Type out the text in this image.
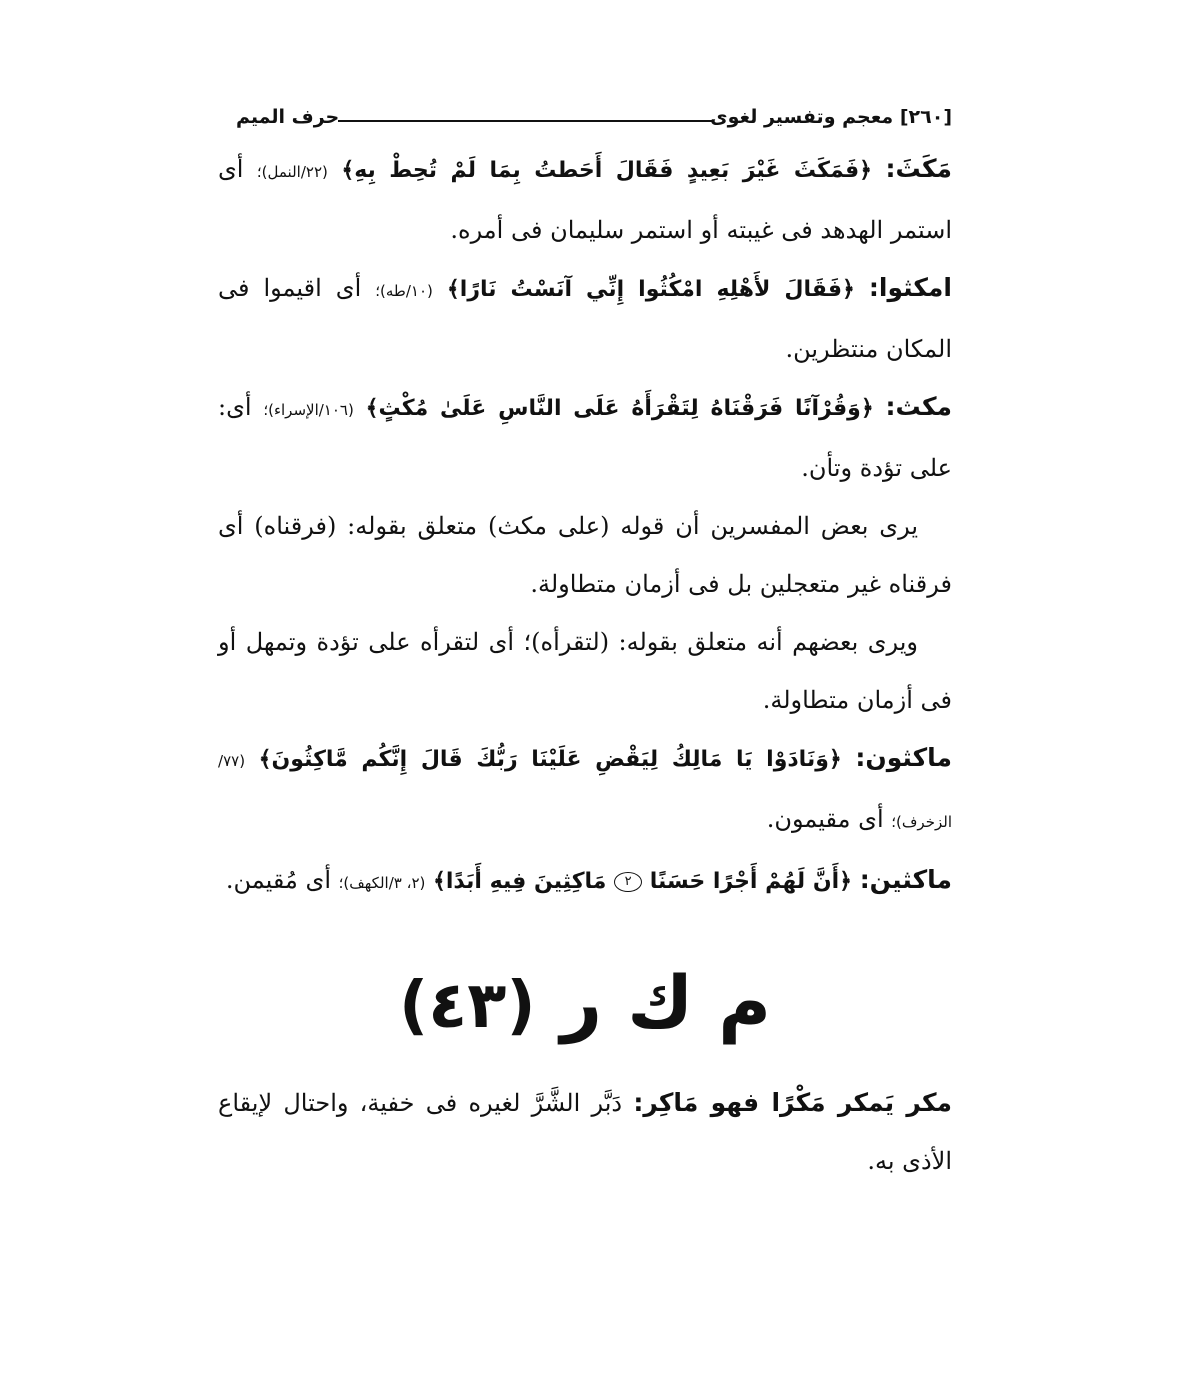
[٢٦٠] معجم وتفسير لغوى
حرف الميم

مَكَثَ: ﴿فَمَكَثَ غَيْرَ بَعِيدٍ فَقَالَ أَحَطتُ بِمَا لَمْ تُحِطْ بِهِ﴾ (٢٢/النمل)؛ أى استمر الهدهد فى غيبته أو استمر سليمان فى أمره.

امكثوا: ﴿فَقَالَ لأَهْلِهِ امْكُثُوا إِنِّي آنَسْتُ نَارًا﴾ (١٠/طه)؛ أى اقيموا فى المكان منتظرين.

مكث: ﴿وَقُرْآنًا فَرَقْنَاهُ لِتَقْرَأَهُ عَلَى النَّاسِ عَلَىٰ مُكْثٍ﴾ (١٠٦/الإسراء)؛ أى: على تؤدة وتأن.

يرى بعض المفسرين أن قوله (على مكث) متعلق بقوله: (فرقناه) أى فرقناه غير متعجلين بل فى أزمان متطاولة.

ويرى بعضهم أنه متعلق بقوله: (لتقرأه)؛ أى لتقرأه على تؤدة وتمهل أو فى أزمان متطاولة.

ماكثون: ﴿وَنَادَوْا يَا مَالِكُ لِيَقْضِ عَلَيْنَا رَبُّكَ قَالَ إِنَّكُم مَّاكِثُونَ﴾ (٧٧/الزخرف)؛ أى مقيمون.

ماكثين: ﴿أَنَّ لَهُمْ أَجْرًا حَسَنًا ٢ مَاكِثِينَ فِيهِ أَبَدًا﴾ (٢، ٣/الكهف)؛ أى مُقيمن.

م ك ر (٤٣)

مكر يَمكر مَكْرًا فهو مَاكِر: دَبَّر الشَّرَّ لغيره فى خفية، واحتال لإيقاع الأذى به.
